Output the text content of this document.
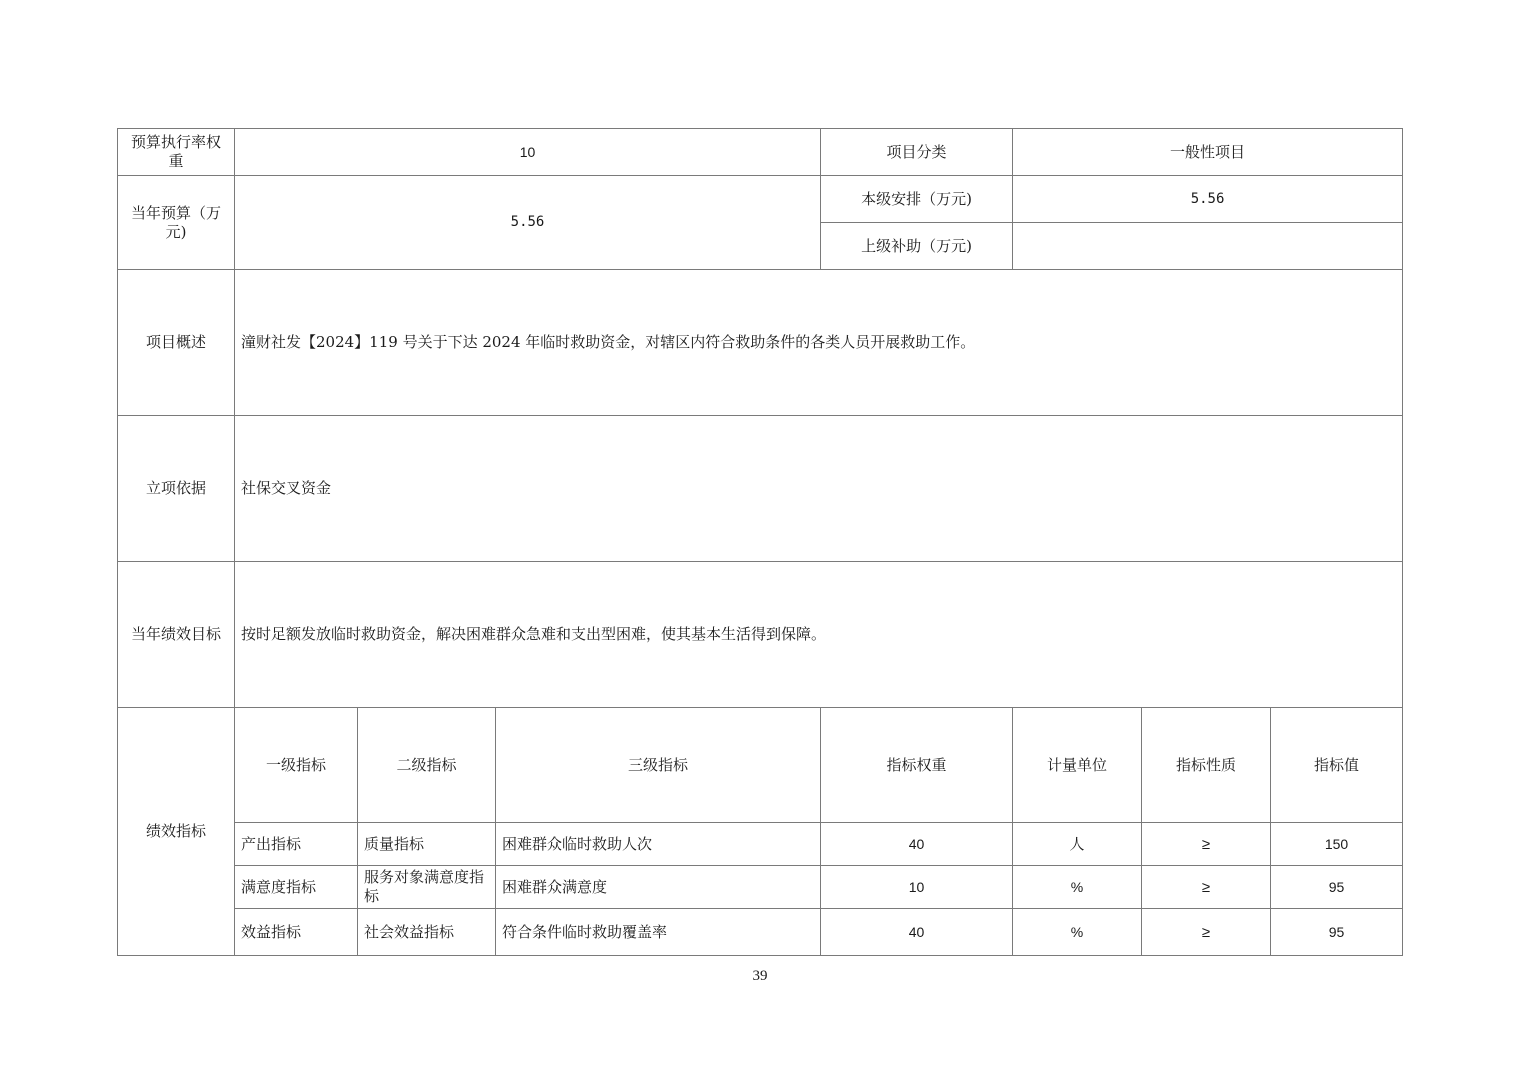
预算执行率权重	10			项目分类	一般性项目			
当年预算（万元)	5.56			本级安排（万元)	5.56			
				上级补助（万元)				
项目概述	潼财社发【2024】119 号关于下达 2024 年临时救助资金，对辖区内符合救助条件的各类人员开展救助工作。							
立项依据	社保交叉资金							
当年绩效目标	按时足额发放临时救助资金，解决困难群众急难和支出型困难，使其基本生活得到保障。							
绩效指标	一级指标	二级指标	三级指标	指标权重	计量单位	指标性质	指标值	
	产出指标	质量指标	困难群众临时救助人次	40	人	≥	150	
	满意度指标	服务对象满意度指标	困难群众满意度	10	%	≥	95	
	效益指标	社会效益指标	符合条件临时救助覆盖率	40	%	≥	95	
39
